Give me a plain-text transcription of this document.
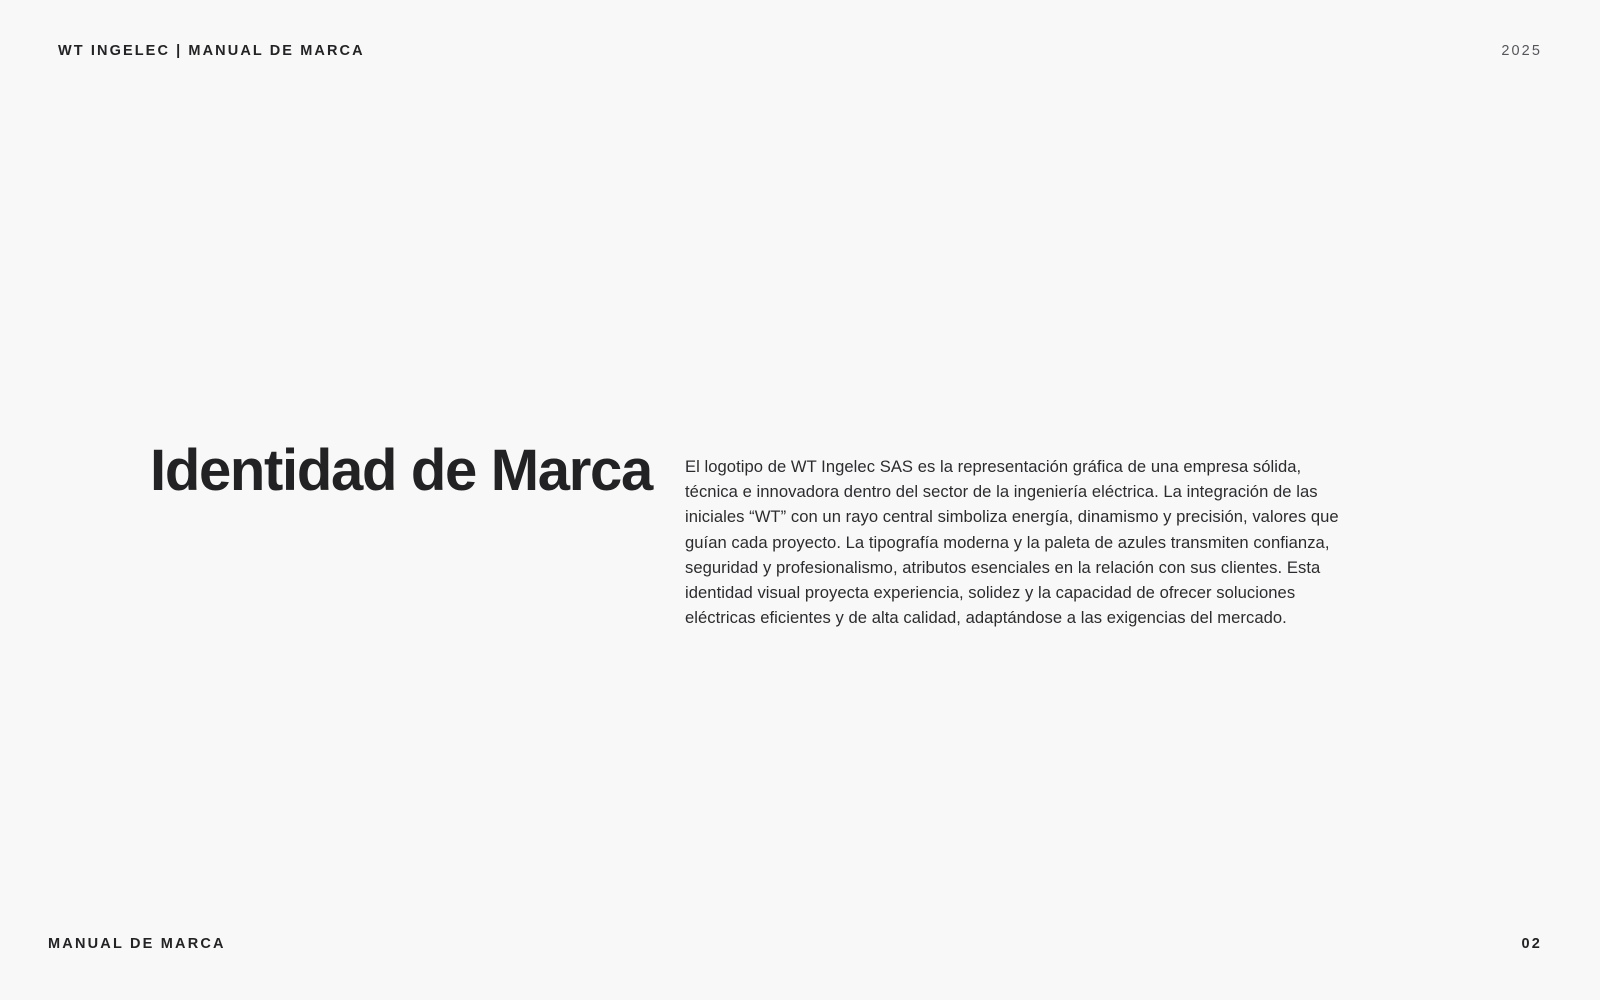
WT INGELEC | MANUAL DE MARCA	2025
Identidad de Marca	El logotipo de WT Ingelec SAS es la representación gráfica de una empresa sólida, técnica e innovadora dentro del sector de la ingeniería eléctrica. La integración de las iniciales “WT” con un rayo central simboliza energía, dinamismo y precisión, valores que guían cada proyecto. La tipografía moderna y la paleta de azules transmiten confianza, seguridad y profesionalismo, atributos esenciales en la relación con sus clientes. Esta identidad visual proyecta experiencia, solidez y la capacidad de ofrecer soluciones eléctricas eficientes y de alta calidad, adaptándose a las exigencias del mercado.

MANUAL DE MARCA	02
